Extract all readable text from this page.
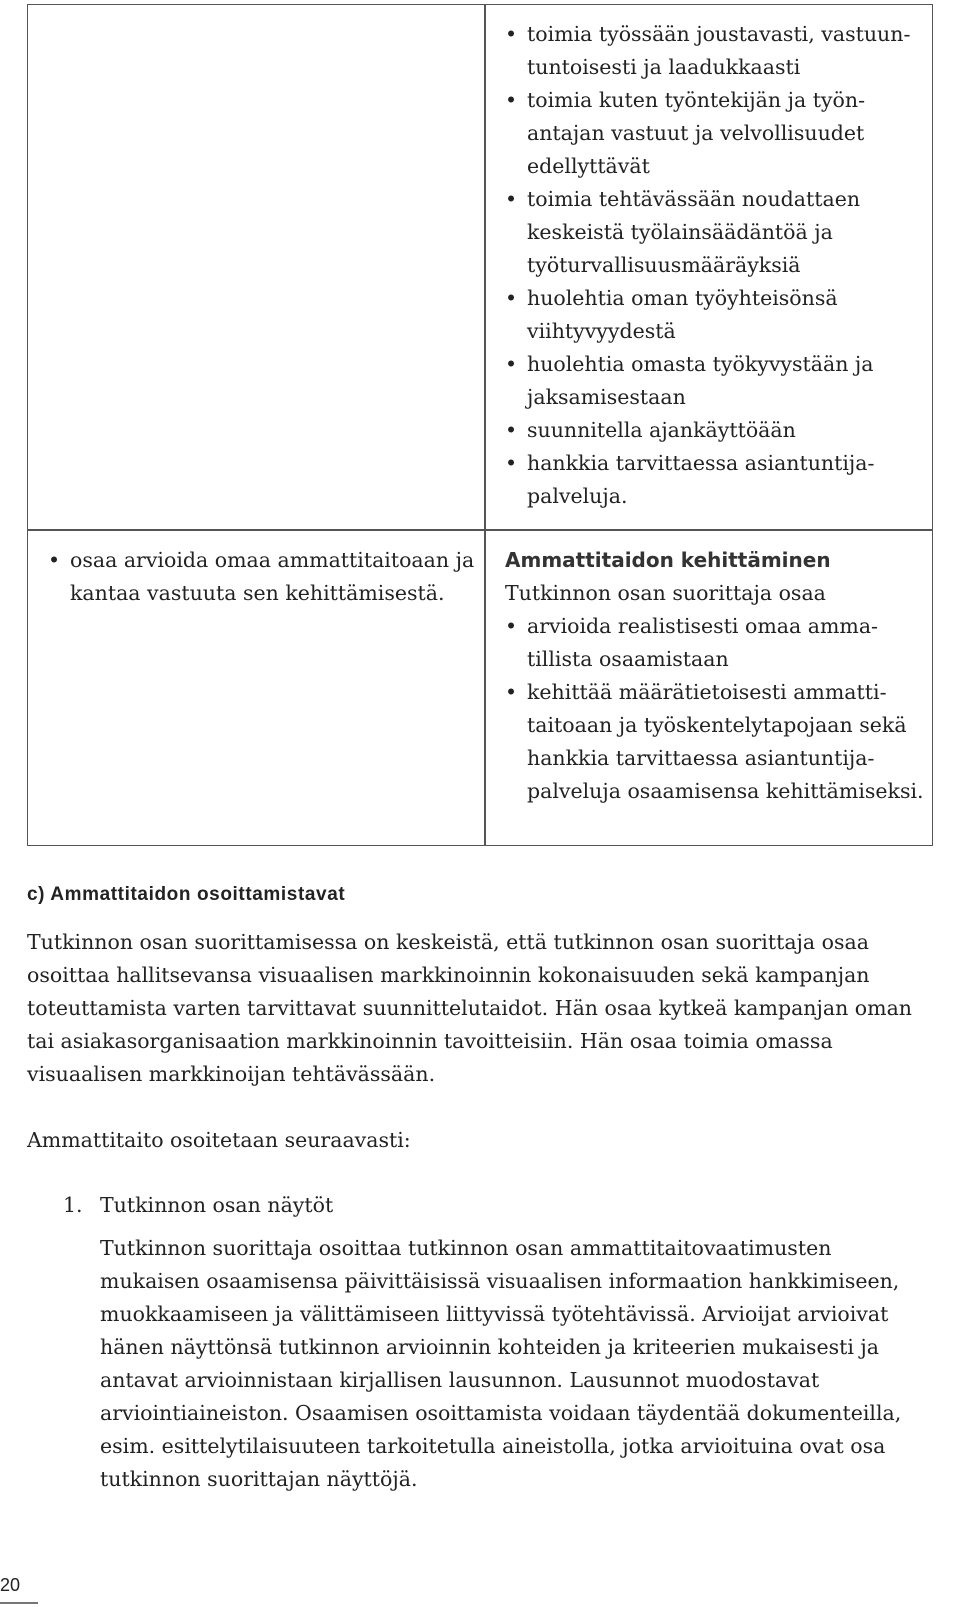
• toimia työssään joustavasti, vastuuntuntoisesti ja laadukkaasti
• toimia kuten työntekijän ja työnantajan vastuut ja velvollisuudet edellyttävät
• toimia tehtävässään noudattaen keskeistä työlainsäädäntöä ja työturvallisuusmääräyksiä
• huolehtia oman työyhteisönsä viihtyvyydestä
• huolehtia omasta työkyvystään ja jaksamisestaan
• suunnitella ajankäyttöään
• hankkia tarvittaessa asiantuntijapalveluja.
• osaa arvioida omaa ammattitaitoaan ja kantaa vastuuta sen kehittämisestä.
Ammattitaidon kehittäminen
Tutkinnon osan suorittaja osaa
• arvioida realistisesti omaa ammatillista osaamistaan
• kehittää määrätietoisesti ammattitaitoaan ja työskentelytapojaan sekä hankkia tarvittaessa asiantuntijapalveluja osaamisensa kehittämiseksi.
c) Ammattitaidon osoittamistavat

Tutkinnon osan suorittamisessa on keskeistä, että tutkinnon osan suorittaja osaa osoittaa hallitsevansa visuaalisen markkinoinnin kokonaisuuden sekä kampanjan toteuttamista varten tarvittavat suunnittelutaidot. Hän osaa kytkeä kampanjan oman tai asiakasorganisaation markkinoinnin tavoitteisiin. Hän osaa toimia omassa visuaalisen markkinoijan tehtävässään.

Ammattitaito osoitetaan seuraavasti:

1. Tutkinnon osan näytöt

Tutkinnon suorittaja osoittaa tutkinnon osan ammattitaitovaatimusten mukaisen osaamisensa päivittäisissä visuaalisen informaation hankkimiseen, muokkaamiseen ja välittämiseen liittyvissä työtehtävissä. Arvioijat arvioivat hänen näyttönsä tutkinnon arvioinnin kohteiden ja kriteerien mukaisesti ja antavat arvioinnistaan kirjallisen lausunnon. Lausunnot muodostavat arviointiaineiston. Osaamisen osoittamista voidaan täydentää dokumenteilla, esim. esittelytilaisuuteen tarkoitetulla aineistolla, jotka arvioituina ovat osa tutkinnon suorittajan näyttöjä.

20
